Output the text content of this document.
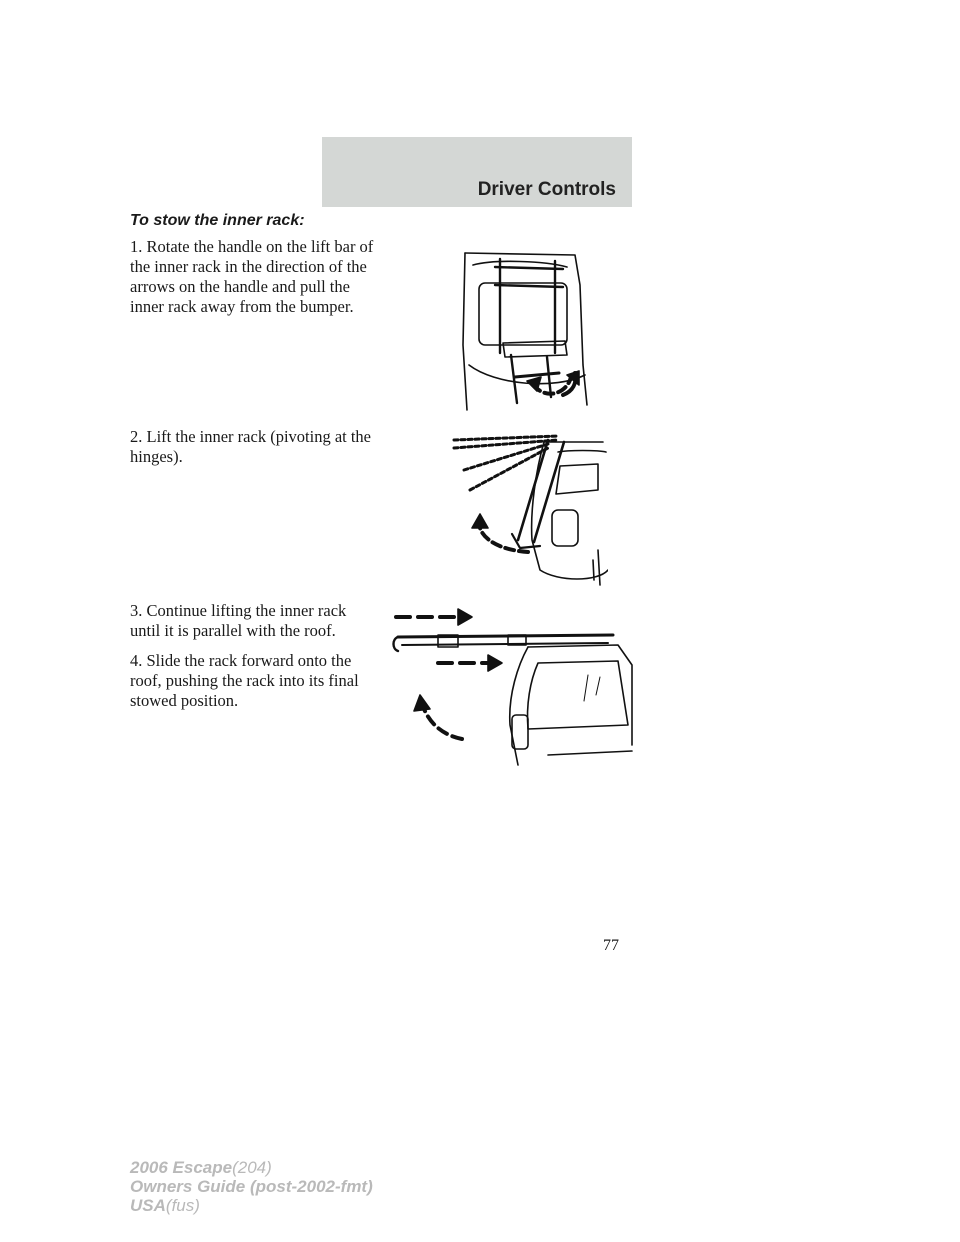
Driver Controls
To stow the inner rack:

1. Rotate the handle on the lift bar of the inner rack in the direction of the arrows on the handle and pull the inner rack away from the bumper.

2. Lift the inner rack (pivoting at the hinges).

3. Continue lifting the inner rack until it is parallel with the roof.

4. Slide the rack forward onto the roof, pushing the rack into its final stowed position.

77
2006 Escape(204)
Owners Guide (post-2002-fmt)
USA(fus)
